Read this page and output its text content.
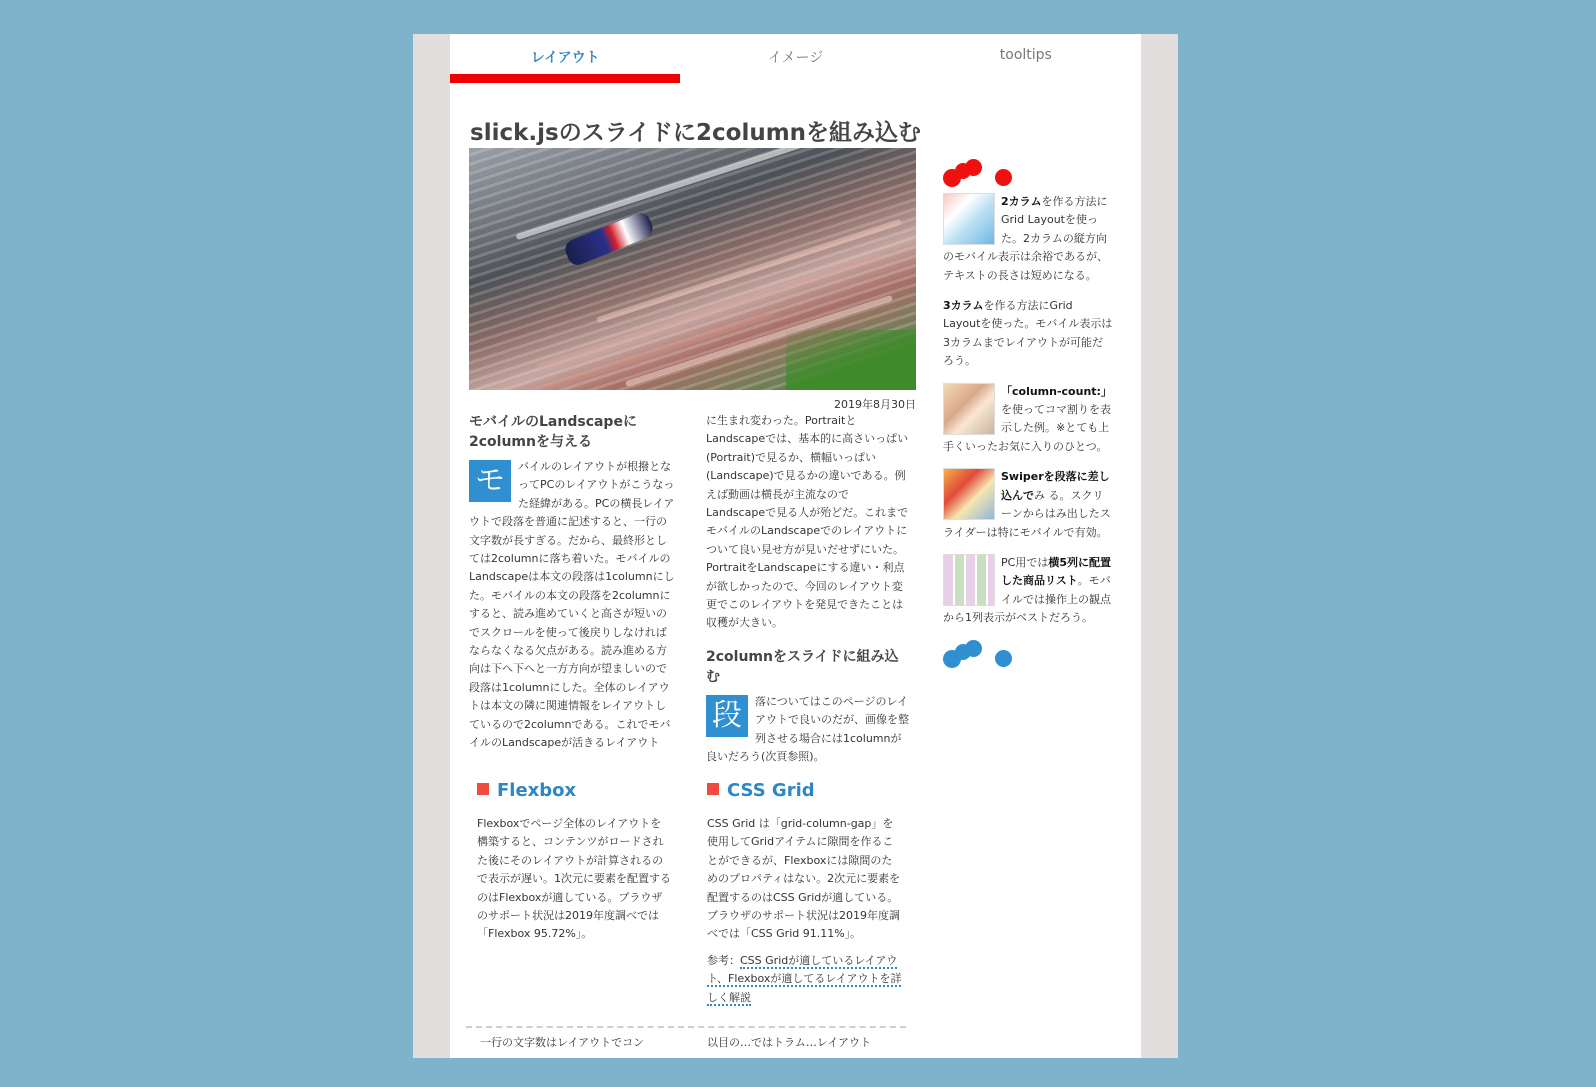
レイアウト	イメージ	tooltips
slick.jsのスライドに2columnを組み込む
2019年8月30日
モバイルのLandscapeに2columnを与える
モ	バイルのレイアウトが根撥となってPCのレイアウトがこうなった経緯がある。PCの横長レイアウトで段落を普通に記述すると、一行の文字数が長すぎる。だから、最終形としては2columnに落ち着いた。モバイルのLandscapeは本文の段落は1columnにした。モバイルの本文の段落を2columnにすると、読み進めていくと高さが短いのでスクロールを使って後戻りしなければならなくなる欠点がある。読み進める方向は下へ下へと一方方向が望ましいので段落は1columnにした。全体のレイアウトは本文の隣に関連情報をレイアウトしているので2columnである。これでモバイルのLandscapeが活きるレイアウト

に生まれ変わった。PortraitとLandscapeでは、基本的に高さいっぱい(Portrait)で見るか、横幅いっぱい(Landscape)で見るかの違いである。例えば動画は横長が主流なので Landscapeで見る人が殆どだ。これまでモバイルのLandscapeでのレイアウトについて良い見せ方が見いだせずにいた。PortraitをLandscapeにする違い・利点が欲しかったので、今回のレイアウト変更でこのレイアウトを発見できたことは収穫が大きい。

2columnをスライドに組み込む
段	落についてはこのページのレイアウトで良いのだが、画像を整列させる場合には1columnが良いだろう(次頁参照)。

Flexbox

Flexboxでページ全体のレイアウトを構築すると、コンテンツがロードされた後にそのレイアウトが計算されるので表示が遅い。1次元に要素を配置するのはFlexboxが適している。ブラウザのサポート状況は2019年度調べでは「Flexbox 95.72%」。

CSS Grid

CSS Grid は「grid-column-gap」を使用してGridアイテムに隙間を作ることができるが、Flexboxには隙間のためのプロパティはない。2次元に要素を配置するのはCSS Gridが適している。ブラウザのサポート状況は2019年度調べでは「CSS Grid 91.11%」。

参考：CSS Gridが適しているレイアウト、Flexboxが適してるレイアウトを詳しく解説

一行の文字数はレイアウトでコン	以目の…ではトラム…レイアウト
2カラムを作る方法にGrid Layoutを使った。2カラムの縦方向のモバイル表示は余裕であるが、テキストの長さは短めになる。
3カラムを作る方法にGrid Layoutを使った。モバイル表示は3カラムまでレイアウトが可能だろう。
「column-count:」を使ってコマ割りを表示した例。※とても上手くいったお気に入りのひとつ。
Swiperを段落に差し込んでみ る。スクリーンからはみ出したスライダーは特にモバイルで有効。
PC用では横5列に配置した商品リスト。モバイルでは操作上の観点から1列表示がベストだろう。
